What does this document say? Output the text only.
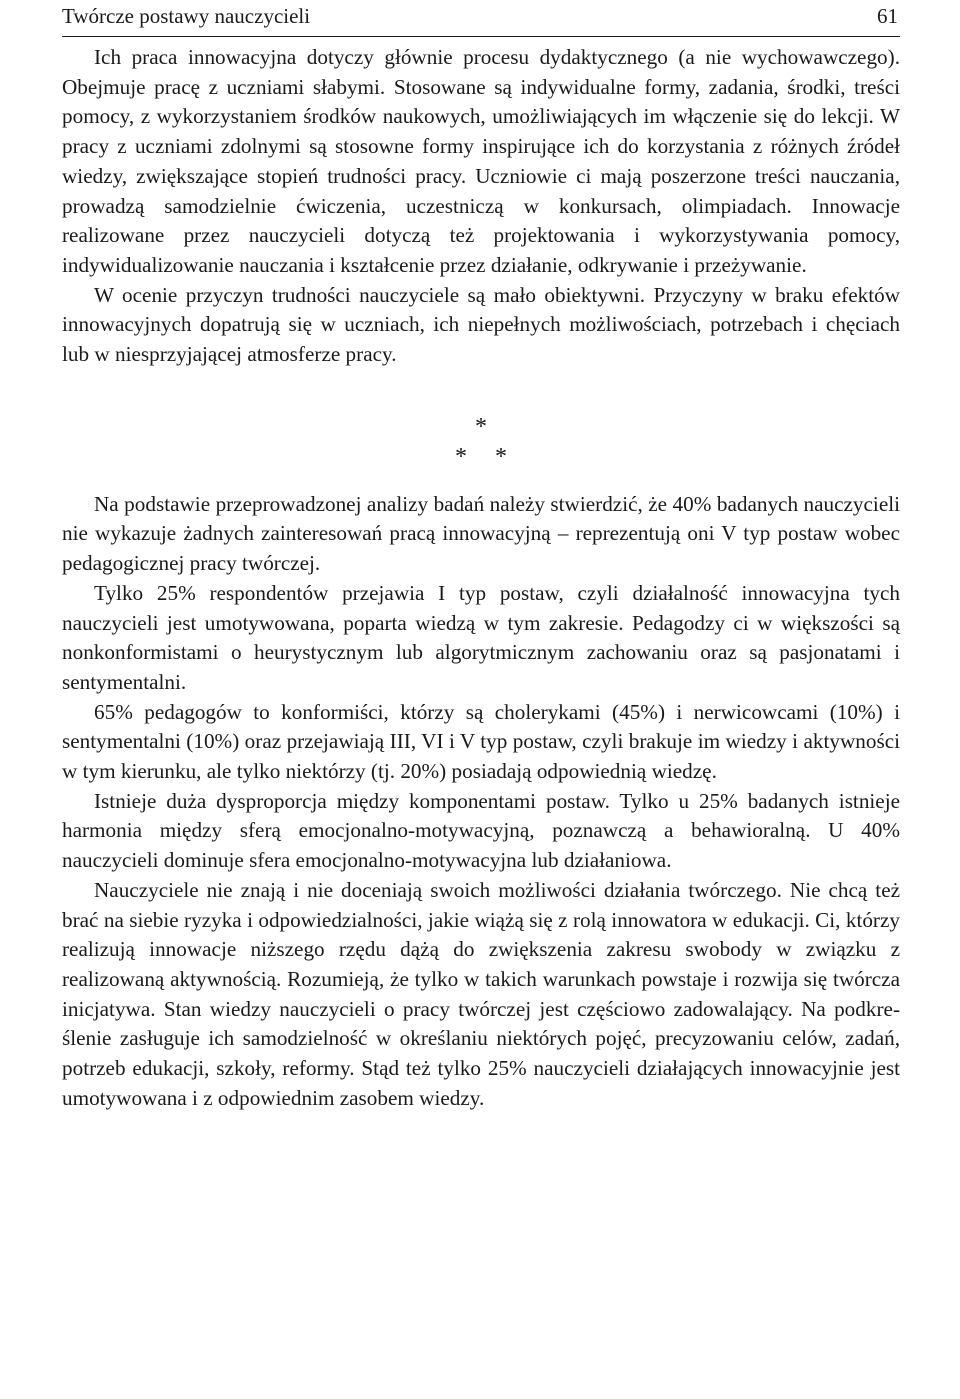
Twórcze postawy nauczycieli	61

Ich praca innowacyjna dotyczy głównie procesu dydaktycznego (a nie wychowawczego). Obejmuje pracę z uczniami słabymi. Stosowane są indywidualne formy, zadania, środki, treści pomocy, z wykorzystaniem środków naukowych, umożliwiających im włączenie się do lekcji. W pracy z uczniami zdolnymi są stosowne formy inspirujące ich do korzystania z różnych źródeł wiedzy, zwiększające stopień trudności pracy. Uczniowie ci mają poszerzone treści nauczania, prowadzą samodzielnie ćwiczenia, uczestniczą w konkursach, olimpiadach. Innowacje realizowane przez nauczycieli dotyczą też projektowania i wykorzystywania pomocy, indywidualizowanie nauczania i kształcenie przez działanie, odkrywanie i przeżywanie.

W ocenie przyczyn trudności nauczyciele są mało obiektywni. Przyczyny w braku efektów innowacyjnych dopatrują się w uczniach, ich niepełnych możliwościach, potrzebach i chęciach lub w niesprzyjającej atmosferze pracy.

*
* *

Na podstawie przeprowadzonej analizy badań należy stwierdzić, że 40% badanych nauczycieli nie wykazuje żadnych zainteresowań pracą innowacyjną – reprezentują oni V typ postaw wobec pedagogicznej pracy twórczej.

Tylko 25% respondentów przejawia I typ postaw, czyli działalność innowacyjna tych nauczycieli jest umotywowana, poparta wiedzą w tym zakresie. Pedagodzy ci w większości są nonkonformistami o heurystycznym lub algorytmicznym zachowaniu oraz są pasjonatami i sentymentalni.

65% pedagogów to konformiści, którzy są cholerykami (45%) i nerwicowcami (10%) i sentymentalni (10%) oraz przejawiają III, VI i V typ postaw, czyli brakuje im wiedzy i aktywności w tym kierunku, ale tylko niektórzy (tj. 20%) posiadają odpowiednią wiedzę.

Istnieje duża dysproporcja między komponentami postaw. Tylko u 25% badanych istnieje harmonia między sferą emocjonalno-motywacyjną, poznawczą a behawioralną. U 40% nauczycieli dominuje sfera emocjonalno-motywacyjna lub działaniowa.

Nauczyciele nie znają i nie doceniają swoich możliwości działania twórczego. Nie chcą też brać na siebie ryzyka i odpowiedzialności, jakie wiążą się z rolą innowatora w edukacji. Ci, którzy realizują innowacje niższego rzędu dążą do zwiększenia zakresu swobody w związku z realizowaną aktywnością. Rozumieją, że tylko w takich warunkach powstaje i rozwija się twórcza inicjatywa. Stan wiedzy nauczycieli o pracy twórczej jest częściowo zadowalający. Na podkreślenie zasługuje ich samodzielność w określaniu niektórych pojęć, precyzowaniu celów, zadań, potrzeb edukacji, szkoły, reformy. Stąd też tylko 25% nauczycieli działających innowacyjnie jest umotywowana i z odpowiednim zasobem wiedzy.
